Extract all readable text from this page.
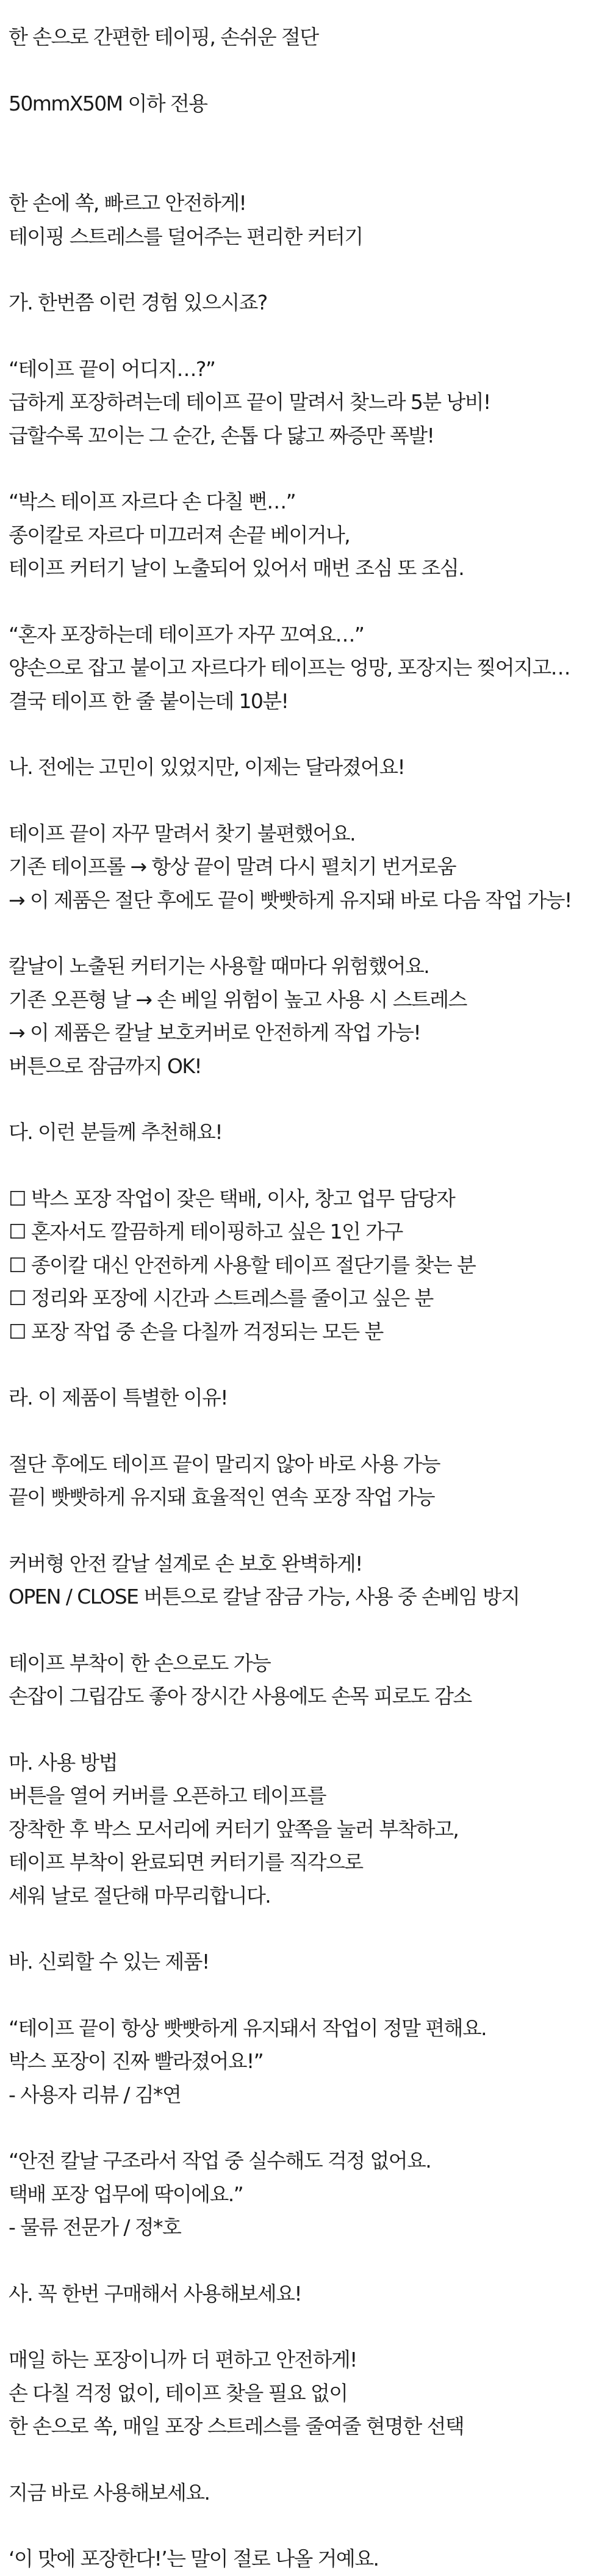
한 손으로 간편한 테이핑, 손쉬운 절단
50mmX50M 이하 전용
한 손에 쏙, 빠르고 안전하게!
테이핑 스트레스를 덜어주는 편리한 커터기
가. 한번쯤 이런 경험 있으시죠?
“테이프 끝이 어디지…?”
급하게 포장하려는데 테이프 끝이 말려서 찾느라 5분 낭비!
급할수록 꼬이는 그 순간, 손톱 다 닳고 짜증만 폭발!
“박스 테이프 자르다 손 다칠 뻔…”
종이칼로 자르다 미끄러져 손끝 베이거나,
테이프 커터기 날이 노출되어 있어서 매번 조심 또 조심.
“혼자 포장하는데 테이프가 자꾸 꼬여요…”
양손으로 잡고 붙이고 자르다가 테이프는 엉망, 포장지는 찢어지고…
결국 테이프 한 줄 붙이는데 10분!
나. 전에는 고민이 있었지만, 이제는 달라졌어요!
테이프 끝이 자꾸 말려서 찾기 불편했어요.
기존 테이프롤 → 항상 끝이 말려 다시 펼치기 번거로움
→ 이 제품은 절단 후에도 끝이 빳빳하게 유지돼 바로 다음 작업 가능!
칼날이 노출된 커터기는 사용할 때마다 위험했어요.
기존 오픈형 날 → 손 베일 위험이 높고 사용 시 스트레스
→ 이 제품은 칼날 보호커버로 안전하게 작업 가능!
버튼으로 잠금까지 OK!
다. 이런 분들께 추천해요!
☐ 박스 포장 작업이 잦은 택배, 이사, 창고 업무 담당자
☐ 혼자서도 깔끔하게 테이핑하고 싶은 1인 가구
☐ 종이칼 대신 안전하게 사용할 테이프 절단기를 찾는 분
☐ 정리와 포장에 시간과 스트레스를 줄이고 싶은 분
☐ 포장 작업 중 손을 다칠까 걱정되는 모든 분
라. 이 제품이 특별한 이유!
절단 후에도 테이프 끝이 말리지 않아 바로 사용 가능
끝이 빳빳하게 유지돼 효율적인 연속 포장 작업 가능
커버형 안전 칼날 설계로 손 보호 완벽하게!
OPEN / CLOSE 버튼으로 칼날 잠금 가능, 사용 중 손베임 방지
테이프 부착이 한 손으로도 가능
손잡이 그립감도 좋아 장시간 사용에도 손목 피로도 감소
마. 사용 방법
버튼을 열어 커버를 오픈하고 테이프를
장착한 후 박스 모서리에 커터기 앞쪽을 눌러 부착하고,
테이프 부착이 완료되면 커터기를 직각으로
세워 날로 절단해 마무리합니다.
바. 신뢰할 수 있는 제품!
“테이프 끝이 항상 빳빳하게 유지돼서 작업이 정말 편해요.
박스 포장이 진짜 빨라졌어요!”
- 사용자 리뷰 / 김*연
“안전 칼날 구조라서 작업 중 실수해도 걱정 없어요.
택배 포장 업무에 딱이에요.”
- 물류 전문가 / 정*호
사. 꼭 한번 구매해서 사용해보세요!
매일 하는 포장이니까 더 편하고 안전하게!
손 다칠 걱정 없이, 테이프 찾을 필요 없이
한 손으로 쏙, 매일 포장 스트레스를 줄여줄 현명한 선택
지금 바로 사용해보세요.
‘이 맛에 포장한다!’는 말이 절로 나올 거예요.
